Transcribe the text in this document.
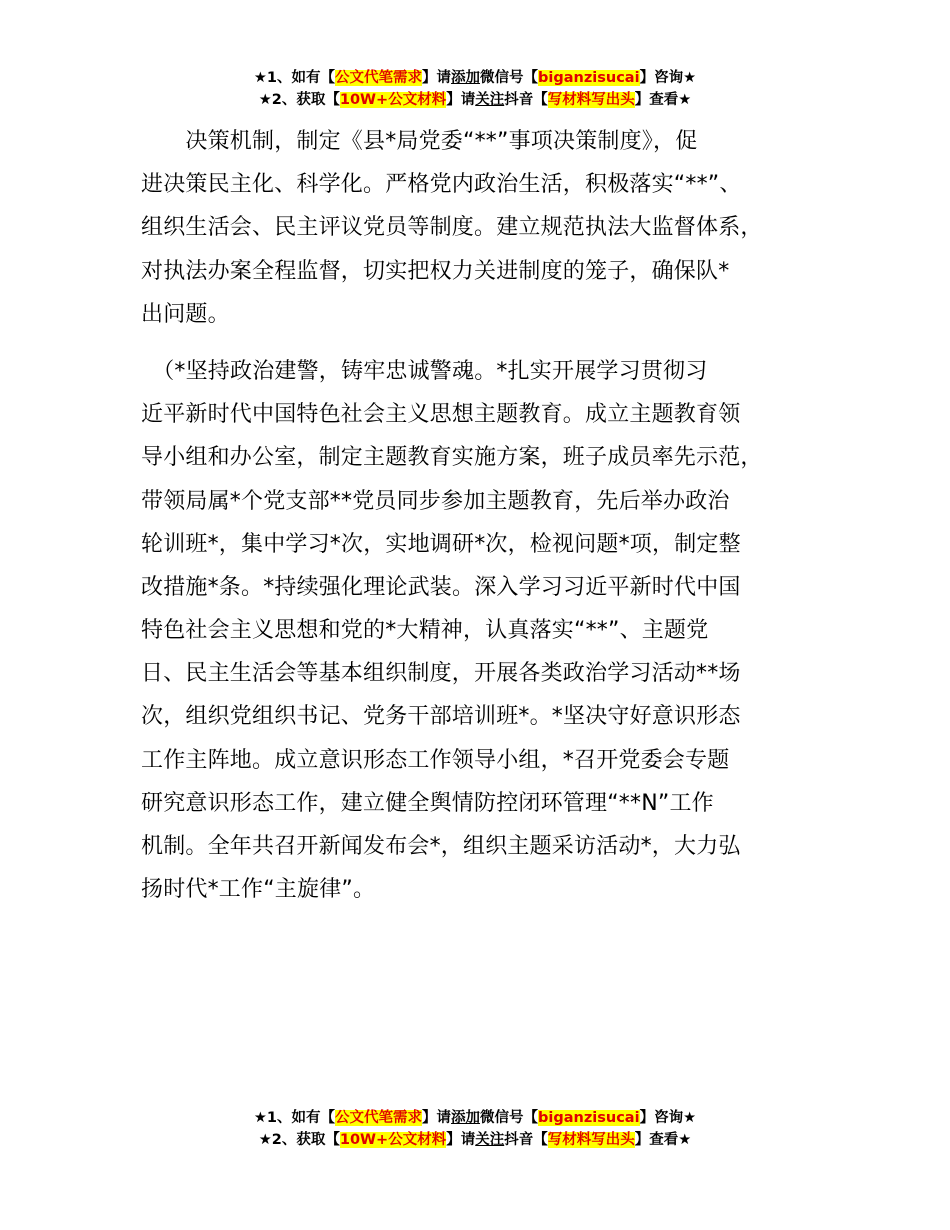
★1、如有【公文代笔需求】请添加微信号【biganzisucai】咨询★
★2、获取【10W+公文材料】请关注抖音【写材料写出头】查看★
　　决策机制，制定《县*局党委“**”事项决策制度》，促
进决策民主化、科学化。严格党内政治生活，积极落实“**”、
组织生活会、民主评议党员等制度。建立规范执法大监督体系，
对执法办案全程监督，切实把权力关进制度的笼子，确保队*
出问题。
　（*坚持政治建警，铸牢忠诚警魂。*扎实开展学习贯彻习
近平新时代中国特色社会主义思想主题教育。成立主题教育领
导小组和办公室，制定主题教育实施方案，班子成员率先示范，
带领局属*个党支部**党员同步参加主题教育，先后举办政治
轮训班*，集中学习*次，实地调研*次，检视问题*项，制定整
改措施*条。*持续强化理论武装。深入学习习近平新时代中国
特色社会主义思想和党的*大精神，认真落实“**”、主题党
日、民主生活会等基本组织制度，开展各类政治学习活动**场
次，组织党组织书记、党务干部培训班*。*坚决守好意识形态
工作主阵地。成立意识形态工作领导小组，*召开党委会专题
研究意识形态工作，建立健全舆情防控闭环管理“**N”工作
机制。全年共召开新闻发布会*，组织主题采访活动*，大力弘
扬时代*工作“主旋律”。
★1、如有【公文代笔需求】请添加微信号【biganzisucai】咨询★
★2、获取【10W+公文材料】请关注抖音【写材料写出头】查看★
